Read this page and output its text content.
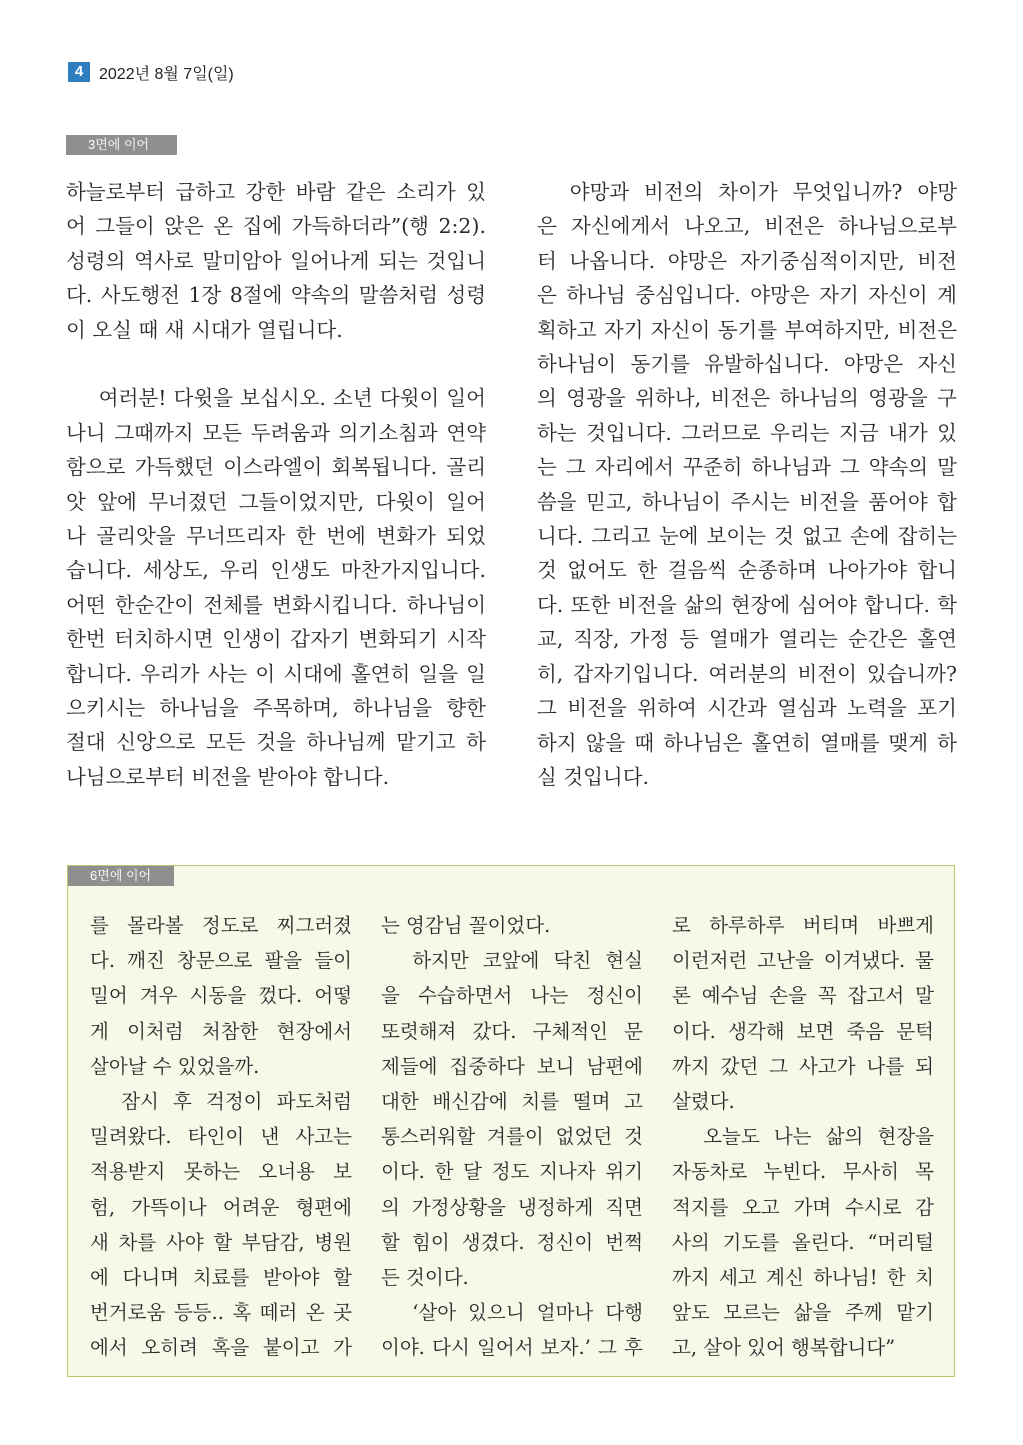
4 2022년 8월 7일(일)
3면에 이어

하늘로부터 급하고 강한 바람 같은 소리가 있

어 그들이 앉은 온 집에 가득하더라”(행 2:2).

성령의 역사로 말미암아 일어나게 되는 것입니

다. 사도행전 1장 8절에 약속의 말씀처럼 성령

이 오실 때 새 시대가 열립니다.

여러분! 다윗을 보십시오. 소년 다윗이 일어

나니 그때까지 모든 두려움과 의기소침과 연약

함으로 가득했던 이스라엘이 회복됩니다. 골리

앗 앞에 무너졌던 그들이었지만, 다윗이 일어

나 골리앗을 무너뜨리자 한 번에 변화가 되었

습니다. 세상도, 우리 인생도 마찬가지입니다.

어떤 한순간이 전체를 변화시킵니다. 하나님이

한번 터치하시면 인생이 갑자기 변화되기 시작

합니다. 우리가 사는 이 시대에 홀연히 일을 일

으키시는 하나님을 주목하며, 하나님을 향한

절대 신앙으로 모든 것을 하나님께 맡기고 하

나님으로부터 비전을 받아야 합니다.

야망과 비전의 차이가 무엇입니까? 야망

은 자신에게서 나오고, 비전은 하나님으로부

터 나옵니다. 야망은 자기중심적이지만, 비전

은 하나님 중심입니다. 야망은 자기 자신이 계

획하고 자기 자신이 동기를 부여하지만, 비전은

하나님이 동기를 유발하십니다. 야망은 자신

의 영광을 위하나, 비전은 하나님의 영광을 구

하는 것입니다. 그러므로 우리는 지금 내가 있

는 그 자리에서 꾸준히 하나님과 그 약속의 말

씀을 믿고, 하나님이 주시는 비전을 품어야 합

니다. 그리고 눈에 보이는 것 없고 손에 잡히는

것 없어도 한 걸음씩 순종하며 나아가야 합니

다. 또한 비전을 삶의 현장에 심어야 합니다. 학

교, 직장, 가정 등 열매가 열리는 순간은 홀연

히, 갑자기입니다. 여러분의 비전이 있습니까?

그 비전을 위하여 시간과 열심과 노력을 포기

하지 않을 때 하나님은 홀연히 열매를 맺게 하

실 것입니다.

6면에 이어
를 몰라볼 정도로 찌그러졌
다. 깨진 창문으로 팔을 들이
밀어 겨우 시동을 껐다. 어떻
게 이처럼 처참한 현장에서
살아날 수 있었을까.
잠시 후 걱정이 파도처럼
밀려왔다. 타인이 낸 사고는
적용받지 못하는 오너용 보
험, 가뜩이나 어려운 형편에
새 차를 사야 할 부담감, 병원
에 다니며 치료를 받아야 할
번거로움 등등.. 혹 떼러 온 곳
에서 오히려 혹을 붙이고 가
는 영감님 꼴이었다.
하지만 코앞에 닥친 현실
을 수습하면서 나는 정신이
또렷해져 갔다. 구체적인 문
제들에 집중하다 보니 남편에
대한 배신감에 치를 떨며 고
통스러워할 겨를이 없었던 것
이다. 한 달 정도 지나자 위기
의 가정상황을 냉정하게 직면
할 힘이 생겼다. 정신이 번쩍
든 것이다.
‘살아 있으니 얼마나 다행
이야. 다시 일어서 보자.’ 그 후
로 하루하루 버티며 바쁘게
이런저런 고난을 이겨냈다. 물
론 예수님 손을 꼭 잡고서 말
이다. 생각해 보면 죽음 문턱
까지 갔던 그 사고가 나를 되
살렸다.
오늘도 나는 삶의 현장을
자동차로 누빈다. 무사히 목
적지를 오고 가며 수시로 감
사의 기도를 올린다. “머리털
까지 세고 계신 하나님! 한 치
앞도 모르는 삶을 주께 맡기
고, 살아 있어 행복합니다”
